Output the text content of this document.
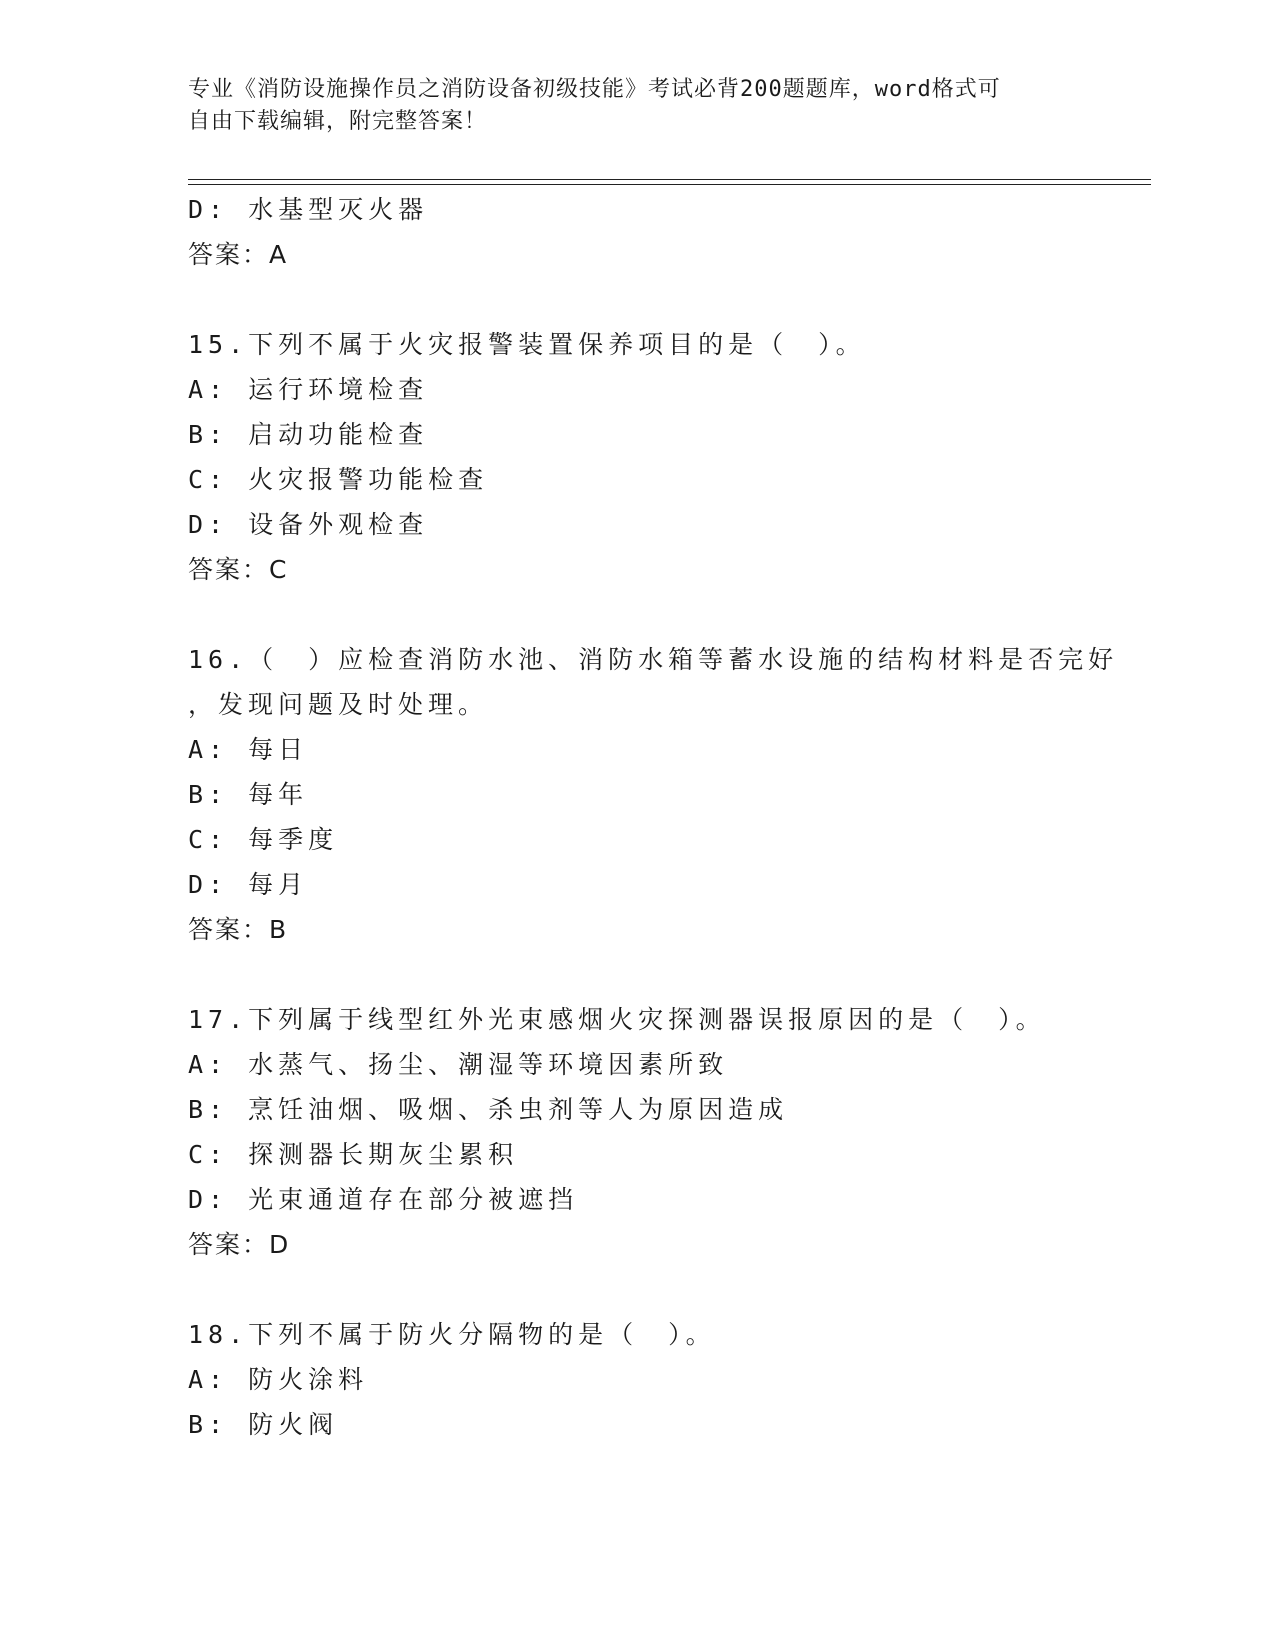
专业《消防设施操作员之消防设备初级技能》考试必背200题题库，word格式可
自由下载编辑，附完整答案！
D: 水基型灭火器
答案：A
15.下列不属于火灾报警装置保养项目的是（　）。
A: 运行环境检查
B: 启动功能检查
C: 火灾报警功能检查
D: 设备外观检查
答案：C
16.（　）应检查消防水池、消防水箱等蓄水设施的结构材料是否完好
，发现问题及时处理。
A: 每日
B: 每年
C: 每季度
D: 每月
答案：B
17.下列属于线型红外光束感烟火灾探测器误报原因的是（　）。
A: 水蒸气、扬尘、潮湿等环境因素所致
B: 烹饪油烟、吸烟、杀虫剂等人为原因造成
C: 探测器长期灰尘累积
D: 光束通道存在部分被遮挡
答案：D
18.下列不属于防火分隔物的是（　）。
A: 防火涂料
B: 防火阀
